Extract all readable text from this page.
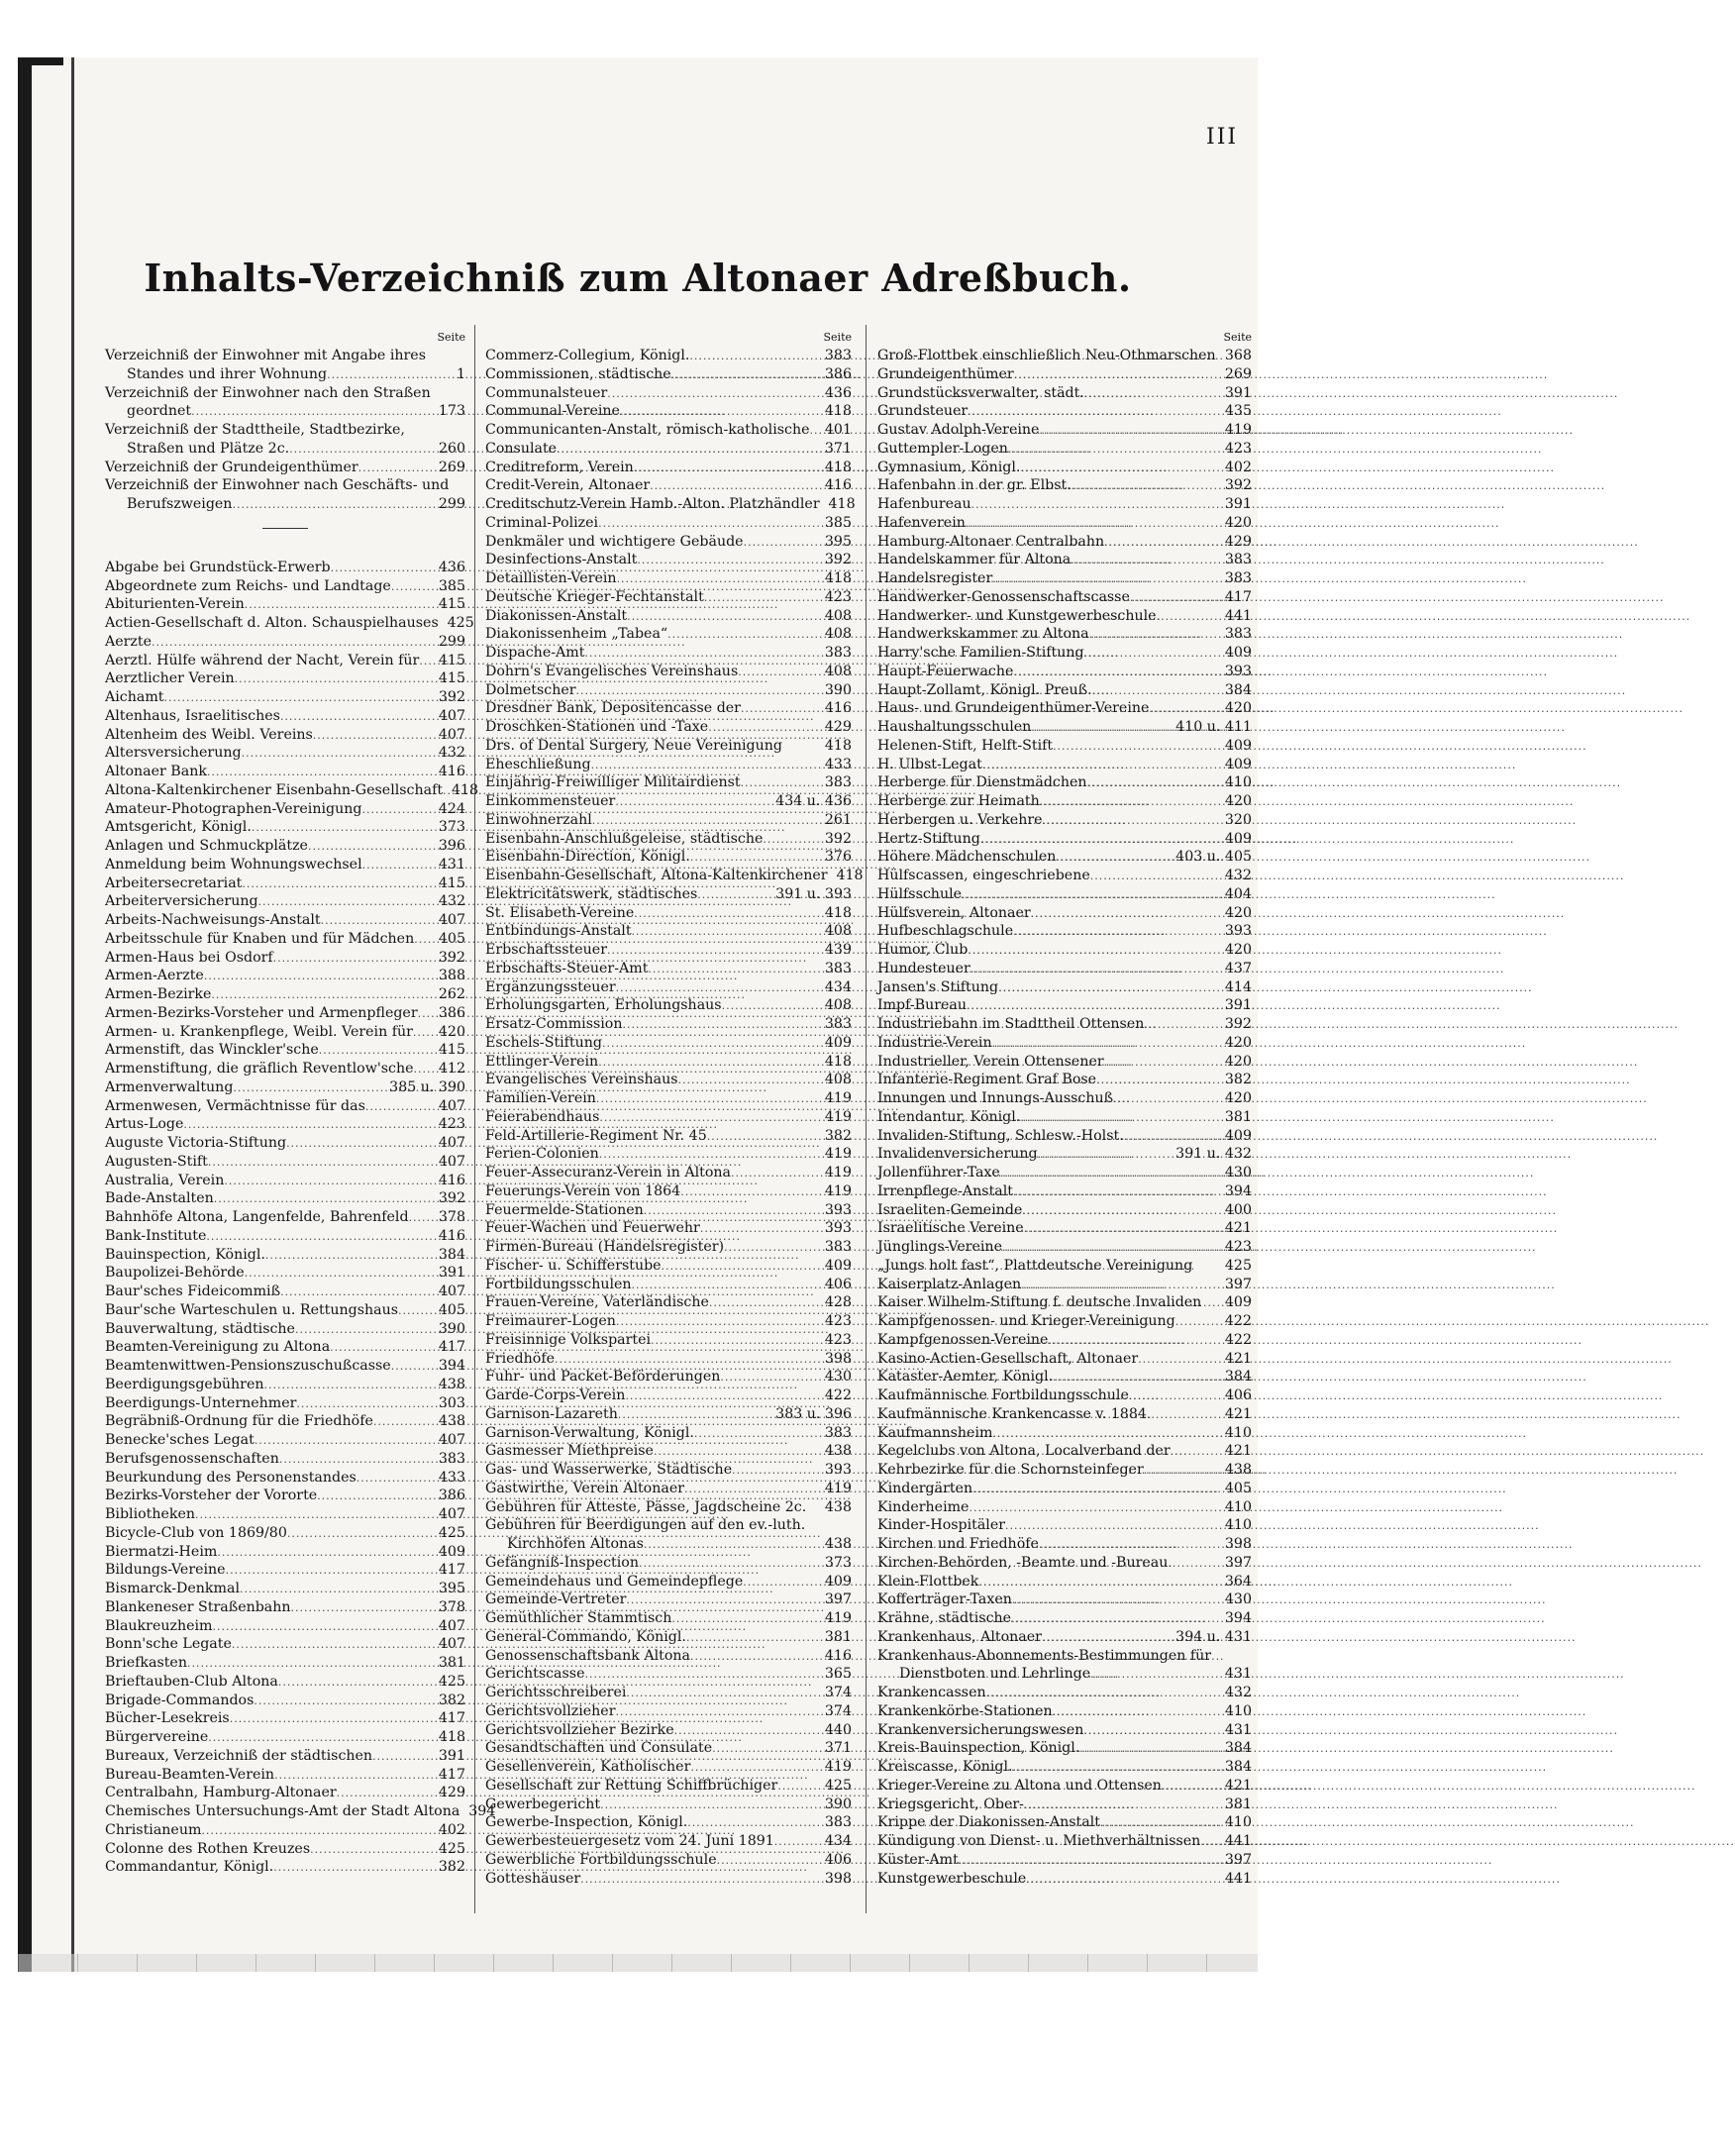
III
Inhalts-Verzeichniß zum Altonaer Adreßbuch.
Seite
Verzeichniß der Einwohner mit Angabe ihres
Standes und ihrer Wohnung .....	1
Verzeichniß der Einwohner nach den Straßen
geordnet .....	173
Verzeichniß der Stadttheile, Stadtbezirke,
Straßen und Plätze 2c. .....	260
Verzeichniß der Grundeigenthümer .....	269
Verzeichniß der Einwohner nach Geschäfts- und
Berufszweigen .....	299
Abgabe bei Grundstück-Erwerb .....	436
Abgeordnete zum Reichs- und Landtage .....	385
Abiturienten-Verein .....	415
Actien-Gesellschaft d. Alton. Schauspielhauses 425
Aerzte .....	299
Aerztl. Hülfe während der Nacht, Verein für ..... 415
Aerztlicher Verein .....	415
Aichamt .....	392
Altenhaus, Israelitisches .....	407
Altenheim des Weibl. Vereins .....	407
Altersversicherung .....	432
Altonaer Bank .....	416
Altona-Kaltenkirchener Eisenbahn-Gesellschaft ..... 418
Amateur-Photographen-Vereinigung .....	424
Amtsgericht, Königl. .....	373
Anlagen und Schmuckplätze .....	396
Anmeldung beim Wohnungswechsel .....	431
Arbeitersecretariat .....	415
Arbeiterversicherung .....	432
Arbeits-Nachweisungs-Anstalt .....	407
Arbeitsschule für Knaben und für Mädchen ..... 405
Armen-Haus bei Osdorf .....	392
Armen-Aerzte .....	388
Armen-Bezirke .....	262
Armen-Bezirks-Vorsteher und Armenpfleger ..... 386
Armen- u. Krankenpflege, Weibl. Verein für ..... 420
Armenstift, das Winckler'sche .....	415
Armenstiftung, die gräflich Reventlow'sche ..... 412
Armenverwaltung .....	385 u. 390
Armenwesen, Vermächtnisse für das .....	407
Artus-Loge .....	423
Auguste Victoria-Stiftung .....	407
Augusten-Stift .....	407
Australia, Verein .....	416
Bade-Anstalten .....	392
Bahnhöfe Altona, Langenfelde, Bahrenfeld ..... 378
Bank-Institute .....	416
Bauinspection, Königl. .....	384
Baupolizei-Behörde .....	391
Baur'sches Fideicommiß .....	407
Baur'sche Warteschulen u. Rettungshaus .....	405
Bauverwaltung, städtische .....	390
Beamten-Vereinigung zu Altona .....	417
Beamtenwittwen-Pensionszuschußcasse .....	394
Beerdigungsgebühren .....	438
Beerdigungs-Unternehmer .....	303
Begräbniß-Ordnung für die Friedhöfe .....	438
Benecke'sches Legat .....	407
Berufsgenossenschaften .....	383
Beurkundung des Personenstandes .....	433
Bezirks-Vorsteher der Vororte .....	386
Bibliotheken .....	407
Bicycle-Club von 1869/80 .....	425
Biermatzi-Heim .....	409
Bildungs-Vereine .....	417
Bismarck-Denkmal .....	395
Blankeneser Straßenbahn .....	378
Blaukreuzheim .....	407
Bonn'sche Legate .....	407
Briefkasten .....	381
Brieftauben-Club Altona .....	425
Brigade-Commandos .....	382
Bücher-Lesekreis .....	417
Bürgervereine .....	418
Bureaux, Verzeichniß der städtischen .....	391
Bureau-Beamten-Verein .....	417
Centralbahn, Hamburg-Altonaer .....	429
Chemisches Untersuchungs-Amt der Stadt Altona 394
Christianeum .....	402
Colonne des Rothen Kreuzes .....	425
Commandantur, Königl. .....	382
Seite
Commerz-Collegium, Königl. .....	383
Commissionen, städtische .....	386
Communalsteuer .....	436
Communal-Vereine .....	418
Communicanten-Anstalt, römisch-katholische ..... 401
Consulate .....	371
Creditreform, Verein .....	418
Credit-Verein, Altonaer .....	416
Creditschutz-Verein Hamb.-Alton. Platzhändler 418
Criminal-Polizei .....	385
Denkmäler und wichtigere Gebäude .....	395
Desinfections-Anstalt .....	392
Detaillisten-Verein .....	418
Deutsche Krieger-Fechtanstalt .....	423
Diakonissen-Anstalt .....	408
Diakonissenheim „Tabea“ .....	408
Dispache-Amt .....	383
Dohrn's Evangelisches Vereinshaus .....	408
Dolmetscher .....	390
Dresdner Bank, Depositencasse der .....	416
Droschken-Stationen und -Taxe .....	429
Drs. of Dental Surgery, Neue Vereinigung	418
Eheschließung .....	433
Einjährig-Freiwilliger Militairdienst .....	383
Einkommensteuer .....	434 u. 436
Einwohnerzahl .....	261
Eisenbahn-Anschlußgeleise, städtische .....	392
Eisenbahn-Direction, Königl. .....	376
Eisenbahn-Gesellschaft, Altona-Kaltenkirchener 418
Elektricitätswerk, städtisches .....	391 u. 393
St. Elisabeth-Vereine .....	418
Entbindungs-Anstalt .....	408
Erbschaftssteuer .....	439
Erbschafts-Steuer-Amt .....	383
Ergänzungssteuer .....	434
Erholungsgarten, Erholungshaus .....	408
Ersatz-Commission .....	383
Eschels-Stiftung .....	409
Ettlinger-Verein .....	418
Evangelisches Vereinshaus .....	408
Familien-Verein .....	419
Feierabendhaus .....	419
Feld-Artillerie-Regiment Nr. 45 .....	382
Ferien-Colonien .....	419
Feuer-Assecuranz-Verein in Altona .....	419
Feuerungs-Verein von 1864 .....	419
Feuermelde-Stationen .....	393
Feuer-Wachen und Feuerwehr .....	393
Firmen-Bureau (Handelsregister) .....	383
Fischer- u. Schifferstube .....	409
Fortbildungsschulen .....	406
Frauen-Vereine, Vaterländische .....	428
Freimaurer-Logen .....	423
Freisinnige Volkspartei .....	423
Friedhöfe .....	398
Fuhr- und Packet-Beförderungen .....	430
Garde-Corps-Verein .....	422
Garnison-Lazareth .....	383 u. 396
Garnison-Verwaltung, Königl. .....	383
Gasmesser Miethpreise .....	438
Gas- und Wasserwerke, Städtische .....	393
Gastwirthe, Verein Altonaer .....	419
Gebühren für Atteste, Pässe, Jagdscheine 2c. 438
Gebühren für Beerdigungen auf den ev.-luth.
Kirchhöfen Altonas .....	438
Gefängniß-Inspection .....	373
Gemeindehaus und Gemeindepflege .....	409
Gemeinde-Vertreter .....	397
Gemüthlicher Stammtisch .....	419
General-Commando, Königl. .....	381
Genossenschaftsbank Altona .....	416
Gerichtscasse .....	365
Gerichtsschreiberei .....	374
Gerichtsvollzieher .....	374
Gerichtsvollzieher Bezirke .....	440
Gesandtschaften und Consulate .....	371
Gesellenverein, Katholischer .....	419
Gesellschaft zur Rettung Schiffbrüchiger .....	425
Gewerbegericht .....	390
Gewerbe-Inspection, Königl. .....	383
Gewerbesteuergesetz vom 24. Juni 1891 .....	434
Gewerbliche Fortbildungsschule .....	406
Gotteshäuser .....	398
Seite
Groß-Flottbek einschließlich Neu-Othmarschen 368
Grundeigenthümer .....	269
Grundstücksverwalter, städt. .....	391
Grundsteuer .....	435
Gustav Adolph-Vereine .....	419
Guttempler-Logen .....	423
Gymnasium, Königl. .....	402
Hafenbahn in der gr. Elbst. .....	392
Hafenbureau .....	391
Hafenverein .....	420
Hamburg-Altonaer Centralbahn .....	429
Handelskammer für Altona .....	383
Handelsregister .....	383
Handwerker-Genossenschaftscasse .....	417
Handwerker- und Kunstgewerbeschule .....	441
Handwerkskammer zu Altona .....	383
Harry'sche Familien-Stiftung .....	409
Haupt-Feuerwache .....	393
Haupt-Zollamt, Königl. Preuß. .....	384
Haus- und Grundeigenthümer-Vereine .....	420
Haushaltungsschulen .....	410 u. 411
Helenen-Stift, Helft-Stift .....	409
H. Ulbst-Legat .....	409
Herberge für Dienstmädchen .....	410
Herberge zur Heimath .....	420
Herbergen u. Verkehre .....	320
Hertz-Stiftung .....	409
Höhere Mädchenschulen .....	403 u. 405
Hülfscassen, eingeschriebene .....	432
Hülfsschule .....	404
Hülfsverein, Altonaer .....	420
Hufbeschlagschule .....	393
Humor, Club .....	420
Hundesteuer .....	437
Jansen's Stiftung .....	414
Impf-Bureau .....	391
Industriebahn im Stadttheil Ottensen .....	392
Industrie-Verein .....	420
Industrieller, Verein Ottensener .....	420
Infanterie-Regiment Graf Bose .....	382
Innungen und Innungs-Ausschuß .....	420
Intendantur, Königl. .....	381
Invaliden-Stiftung, Schlesw.-Holst. .....	409
Invalidenversicherung .....	391 u. 432
Jollenführer-Taxe .....	430
Irrenpflege-Anstalt .....	394
Israeliten-Gemeinde .....	400
Israelitische Vereine .....	421
Jünglings-Vereine .....	423
„Jungs holt fast“, Plattdeutsche Vereinigung 425
Kaiserplatz-Anlagen .....	397
Kaiser Wilhelm-Stiftung f. deutsche Invaliden 409
Kampfgenossen- und Krieger-Vereinigung .....	422
Kampfgenossen-Vereine .....	422
Kasino-Actien-Gesellschaft, Altonaer .....	421
Kataster-Aemter, Königl. .....	384
Kaufmännische Fortbildungsschule .....	406
Kaufmännische Krankencasse v. 1884 .....	421
Kaufmannsheim .....	410
Kegelclubs von Altona, Localverband der .....	421
Kehrbezirke für die Schornsteinfeger .....	438
Kindergärten .....	405
Kinderheime .....	410
Kinder-Hospitäler .....	410
Kirchen und Friedhöfe .....	398
Kirchen-Behörden, -Beamte und -Bureau .....	397
Klein-Flottbek .....	364
Kofferträger-Taxen .....	430
Krähne, städtische .....	394
Krankenhaus, Altonaer .....	394 u. 431
Krankenhaus-Abonnements-Bestimmungen für
Dienstboten und Lehrlinge .....	431
Krankencassen .....	432
Krankenkörbe-Stationen .....	410
Krankenversicherungswesen .....	431
Kreis-Bauinspection, Königl. .....	384
Kreiscasse, Königl. .....	384
Krieger-Vereine zu Altona und Ottensen .....	421
Kriegsgericht, Ober- .....	381
Krippe der Diakonissen-Anstalt .....	410
Kündigung von Dienst- u. Miethverhältnissen ..... 441
Küster-Amt .....	397
Kunstgewerbeschule .....	441
